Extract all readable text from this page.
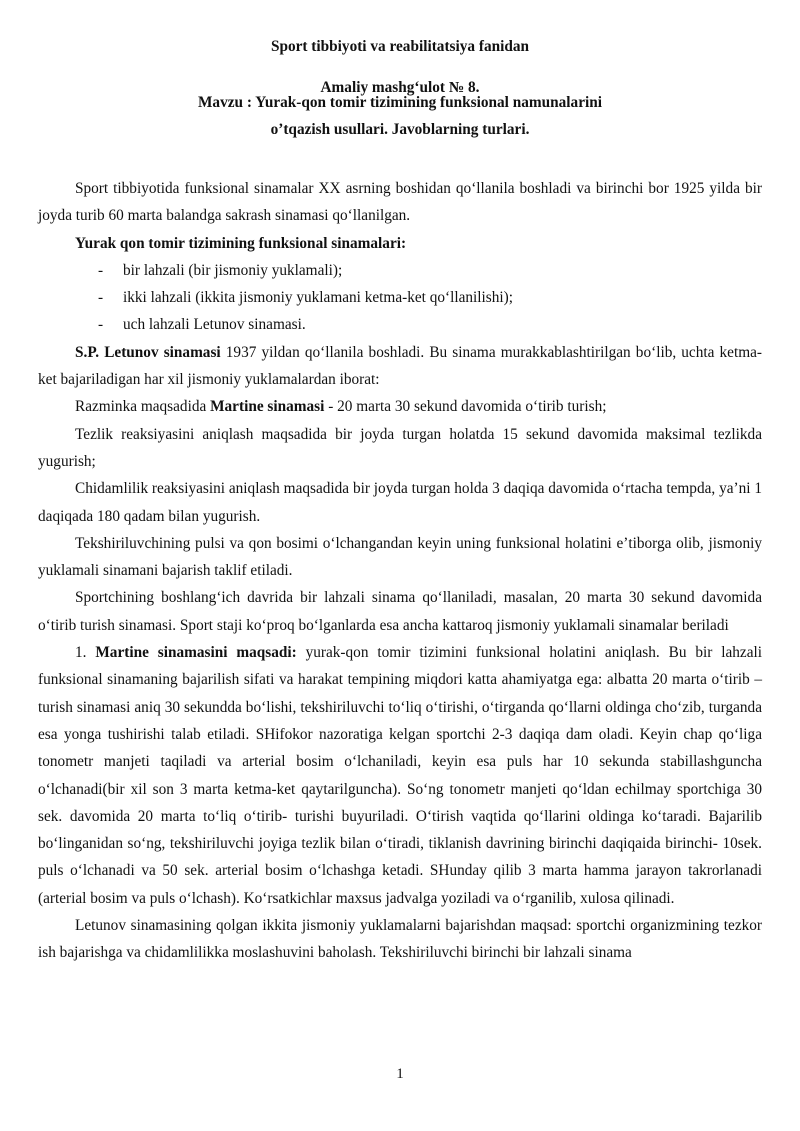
Sport tibbiyoti va reabilitatsiya fanidan
Amaliy mashgʻulot № 8.
Mavzu : Yurak-qon tomir tizimining funksional namunalarini
oʼtqazish usullari. Javoblarning turlari.

Sport tibbiyotida funksional sinamalar XX asrning boshidan qoʻllanila boshladi va birinchi bor 1925 yilda bir joyda turib 60 marta balandga sakrash sinamasi qoʻllanilgan.

Yurak qon tomir tizimining funksional sinamalari:

- bir lahzali (bir jismoniy yuklamali);

- ikki lahzali (ikkita jismoniy yuklamani ketma-ket qoʻllanilishi);

- uch lahzali Letunov sinamasi.

S.P. Letunov sinamasi 1937 yildan qoʻllanila boshladi. Bu sinama murakkablashtirilgan boʻlib, uchta ketma-ket bajariladigan har xil jismoniy yuklamalardan iborat:

Razminka maqsadida Martine sinamasi - 20 marta 30 sekund davomida oʻtirib turish;

Tezlik reaksiyasini aniqlash maqsadida bir joyda turgan holatda 15 sekund davomida maksimal tezlikda yugurish;

Chidamlilik reaksiyasini aniqlash maqsadida bir joyda turgan holda 3 daqiqa davomida oʻrtacha tempda, yaʼni 1 daqiqada 180 qadam bilan yugurish.

Tekshiriluvchining pulsi va qon bosimi oʻlchangandan keyin uning funksional holatini eʼtiborga olib, jismoniy yuklamali sinamani bajarish taklif etiladi.

Sportchining boshlangʻich davrida bir lahzali sinama qoʻllaniladi, masalan, 20 marta 30 sekund davomida oʻtirib turish sinamasi. Sport staji koʻproq boʻlganlarda esa ancha kattaroq jismoniy yuklamali sinamalar beriladi

1. Martine sinamasini maqsadi: yurak-qon tomir tizimini funksional holatini aniqlash. Bu bir lahzali funksional sinamaning bajarilish sifati va harakat tempining miqdori katta ahamiyatga ega: albatta 20 marta oʻtirib – turish sinamasi aniq 30 sekundda boʻlishi, tekshiriluvchi toʻliq oʻtirishi, oʻtirganda qoʻllarni oldinga choʻzib, turganda esa yonga tushirishi talab etiladi. SHifokor nazoratiga kelgan sportchi 2-3 daqiqa dam oladi. Keyin chap qoʻliga tonometr manjeti taqiladi va arterial bosim oʻlchaniladi, keyin esa puls har 10 sekunda stabillashguncha oʻlchanadi(bir xil son 3 marta ketma-ket qaytarilguncha). Soʻng tonometr manjeti qoʻldan echilmay sportchiga 30 sek. davomida 20 marta toʻliq oʻtirib- turishi buyuriladi. Oʻtirish vaqtida qoʻllarini oldinga koʻtaradi. Bajarilib boʻlinganidan soʻng, tekshiriluvchi joyiga tezlik bilan oʻtiradi, tiklanish davrining birinchi daqiqaida birinchi- 10sek. puls oʻlchanadi va 50 sek. arterial bosim oʻlchashga ketadi. SHunday qilib 3 marta hamma jarayon takrorlanadi (arterial bosim va puls oʻlchash). Koʻrsatkichlar maxsus jadvalga yoziladi va oʻrganilib, xulosa qilinadi.

Letunov sinamasining qolgan ikkita jismoniy yuklamalarni bajarishdan maqsad: sportchi organizmining tezkor ish bajarishga va chidamlilikka moslashuvini baholash. Tekshiriluvchi birinchi bir lahzali sinama

1
